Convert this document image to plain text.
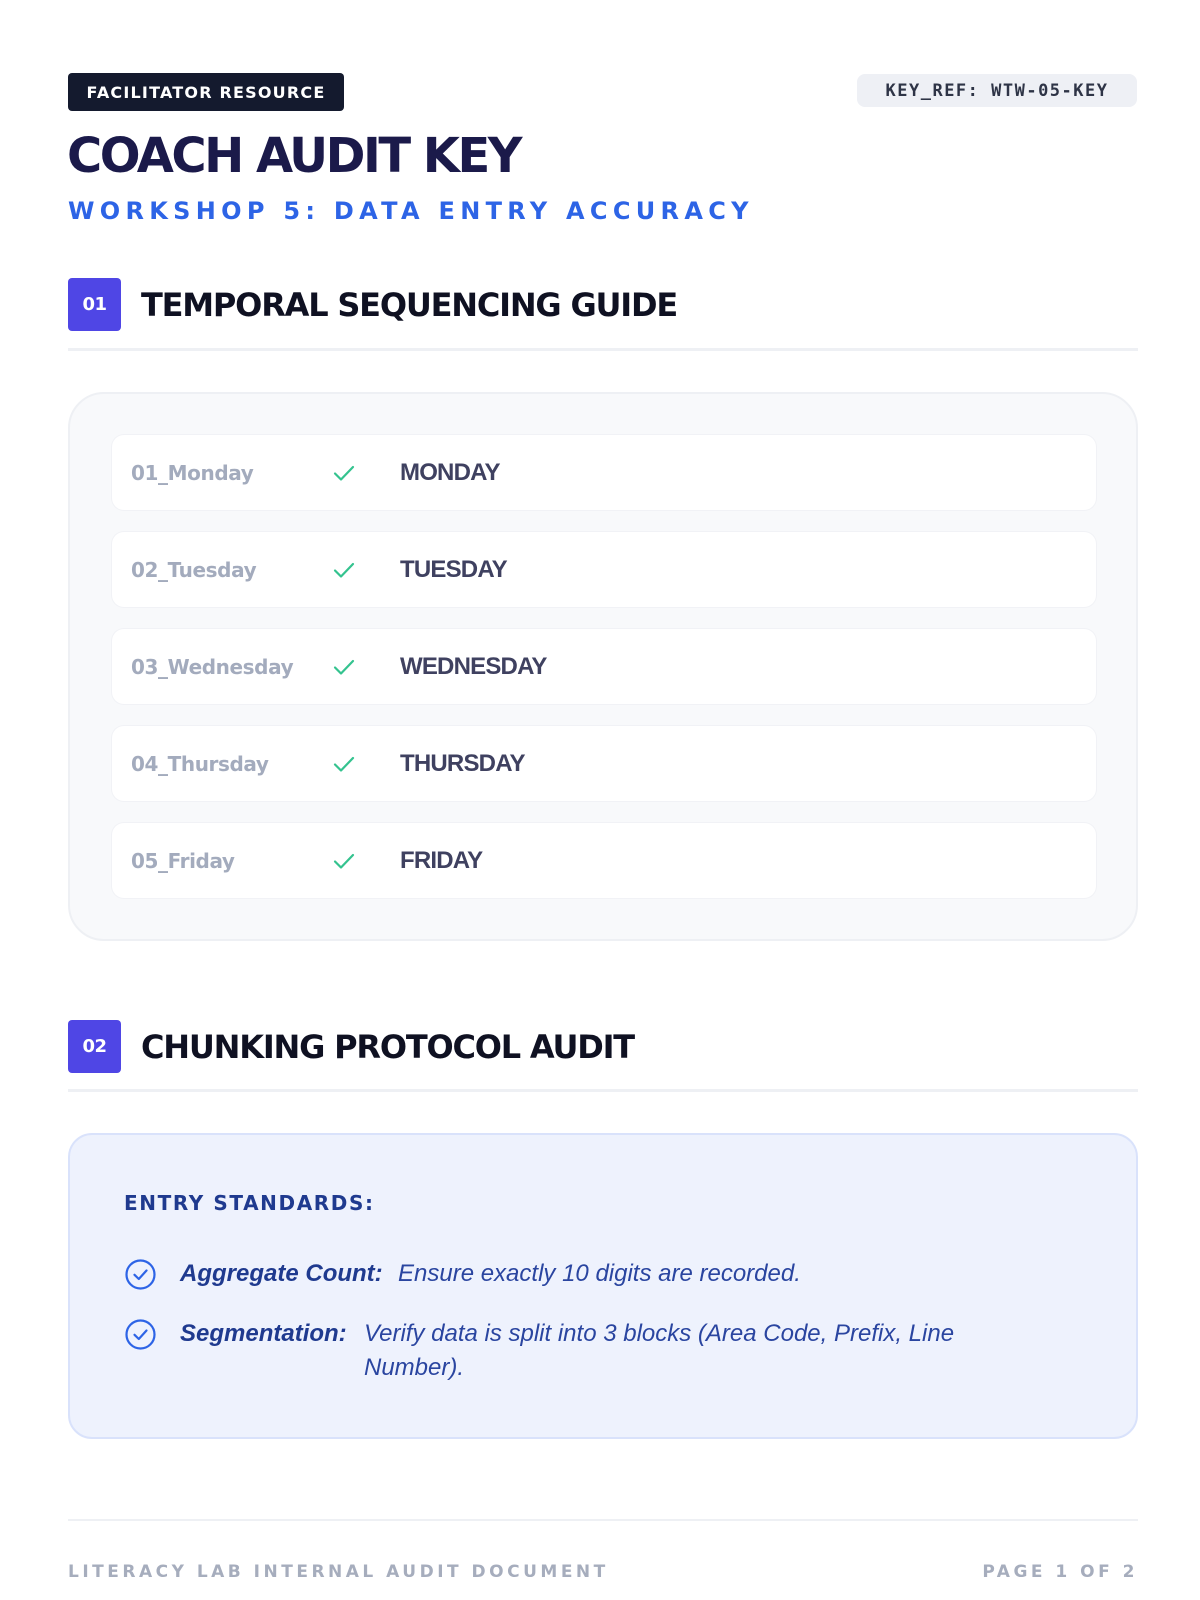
FACILITATOR RESOURCE	KEY_REF: WTW-05-KEY
COACH AUDIT KEY
WORKSHOP 5: DATA ENTRY ACCURACY
01	TEMPORAL SEQUENCING GUIDE
01_Monday	MONDAY
02_Tuesday	TUESDAY
03_Wednesday	WEDNESDAY
04_Thursday	THURSDAY
05_Friday	FRIDAY
02	CHUNKING PROTOCOL AUDIT
ENTRY STANDARDS:
Aggregate Count: Ensure exactly 10 digits are recorded.
Segmentation: Verify data is split into 3 blocks (Area Code, Prefix, Line Number).
LITERACY LAB INTERNAL AUDIT DOCUMENT	PAGE 1 OF 2
